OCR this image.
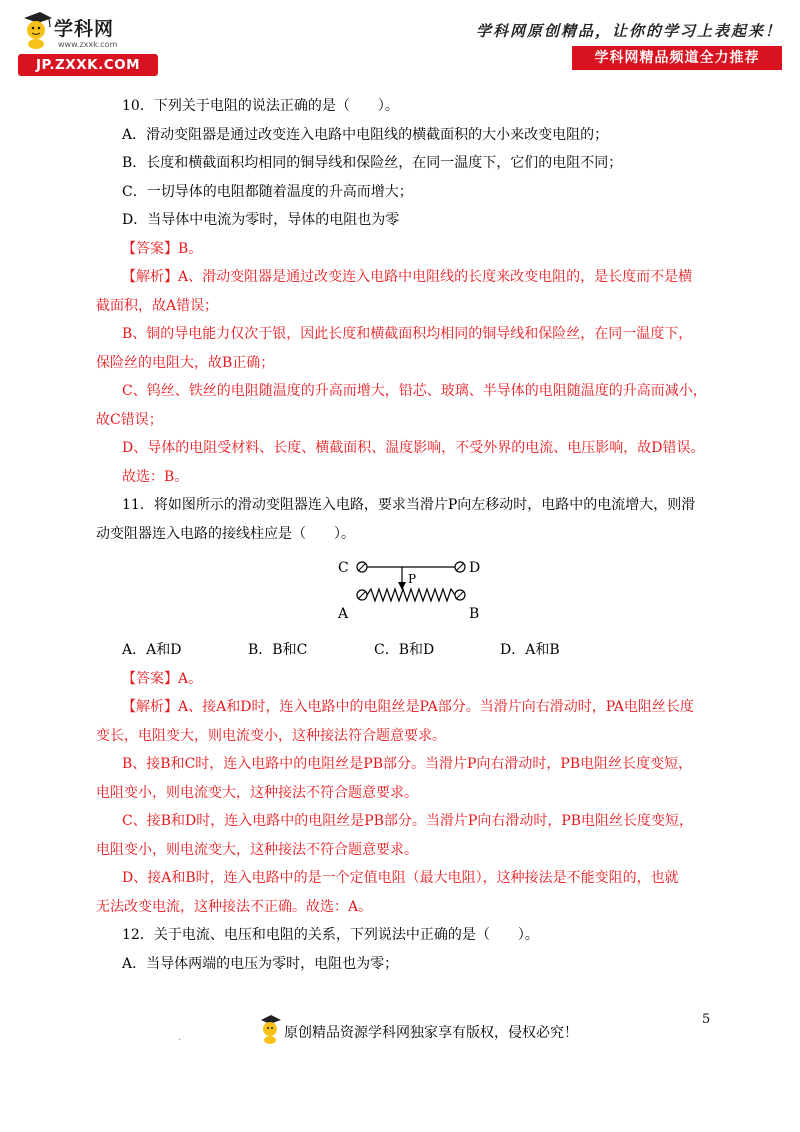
学科网
www.zxxk.com
JP.ZXXK.COM
学科网原创精品，让你的学习上表起来！
学科网精品频道全力推荐
10．下列关于电阻的说法正确的是（　　）。
A．滑动变阻器是通过改变连入电路中电阻线的横截面积的大小来改变电阻的；
B．长度和横截面积均相同的铜导线和保险丝，在同一温度下，它们的电阻不同；
C．一切导体的电阻都随着温度的升高而增大；
D．当导体中电流为零时，导体的电阻也为零
【答案】B。
【解析】A、滑动变阻器是通过改变连入电路中电阻线的长度来改变电阻的，是长度而不是横
截面积，故A错误；
B、铜的导电能力仅次于银，因此长度和横截面积均相同的铜导线和保险丝，在同一温度下，
保险丝的电阻大，故B正确；
C、钨丝、铁丝的电阻随温度的升高而增大，铅芯、玻璃、半导体的电阻随温度的升高而减小，
故C错误；
D、导体的电阻受材料、长度、横截面积、温度影响，不受外界的电流、电压影响，故D错误。
故选：B。
11．将如图所示的滑动变阻器连入电路，要求当滑片P向左移动时，电路中的电流增大，则滑
动变阻器连入电路的接线柱应是（　　）。
C	D
P
A	B
A．A和D	B．B和C	C．B和D	D．A和B
【答案】A。
【解析】A、接A和D时，连入电路中的电阻丝是PA部分。当滑片向右滑动时，PA电阻丝长度
变长，电阻变大，则电流变小，这种接法符合题意要求。
B、接B和C时，连入电路中的电阻丝是PB部分。当滑片P向右滑动时，PB电阻丝长度变短，
电阻变小，则电流变大，这种接法不符合题意要求。
C、接B和D时，连入电路中的电阻丝是PB部分。当滑片P向右滑动时，PB电阻丝长度变短，
电阻变小，则电流变大，这种接法不符合题意要求。
D、接A和B时，连入电路中的是一个定值电阻（最大电阻），这种接法是不能变阻的，也就
无法改变电流，这种接法不正确。故选：A。
12．关于电流、电压和电阻的关系，下列说法中正确的是（　　）。
A．当导体两端的电压为零时，电阻也为零；
5
.	原创精品资源学科网独家享有版权，侵权必究！
